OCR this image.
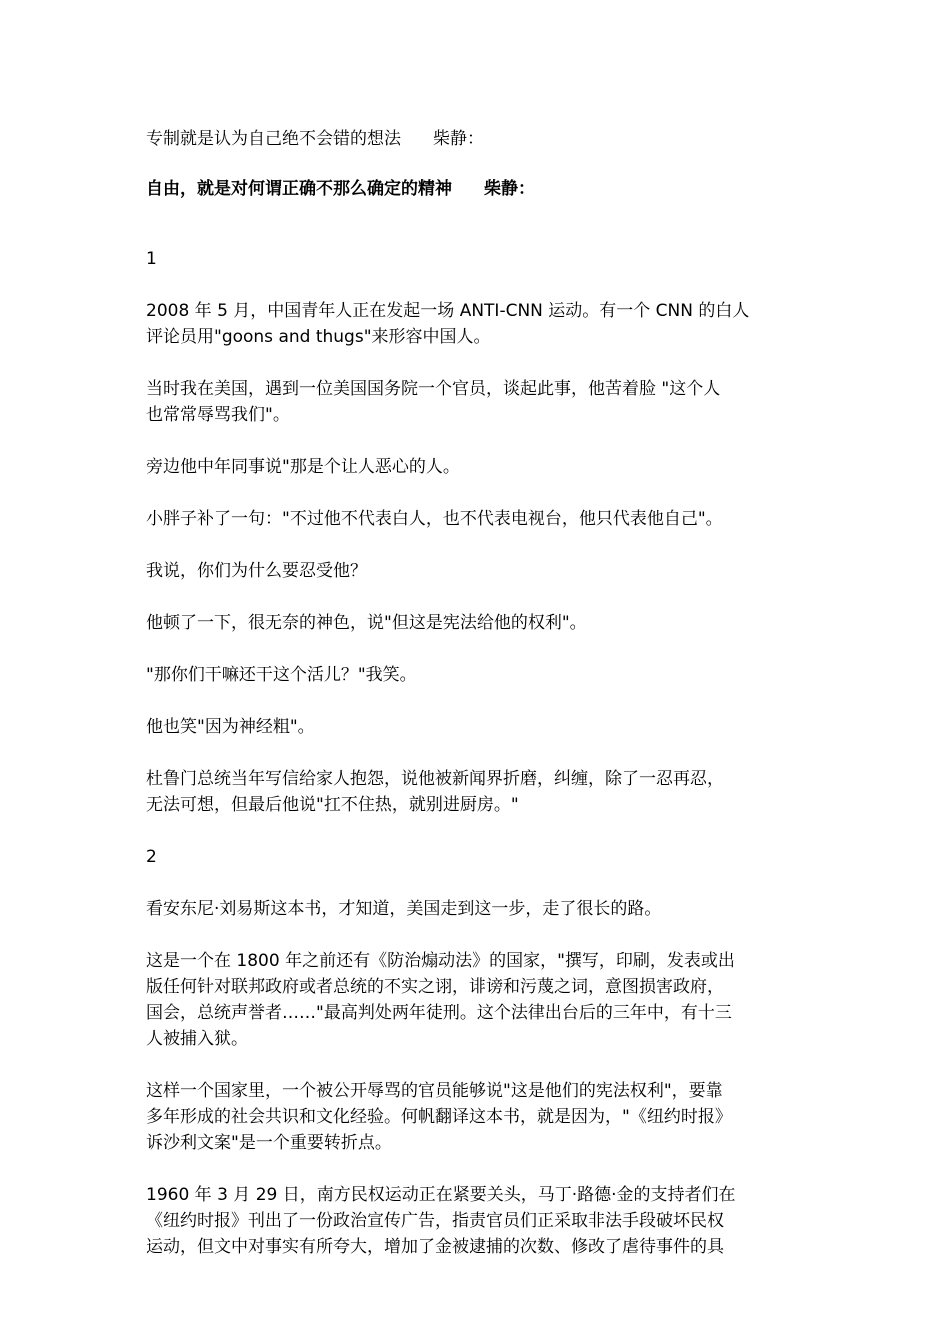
专制就是认为自己绝不会错的想法 柴静：

自由，就是对何谓正确不那么确定的精神 柴静：

1

2008 年 5 月，中国青年人正在发起一场 ANTI-CNN 运动。有一个 CNN 的白人
评论员用"goons and thugs"来形容中国人。
当时我在美国，遇到一位美国国务院一个官员，谈起此事，他苦着脸 "这个人
也常常辱骂我们"。
旁边他中年同事说"那是个让人恶心的人。
小胖子补了一句："不过他不代表白人，也不代表电视台，他只代表他自己"。
我说，你们为什么要忍受他？
他顿了一下，很无奈的神色，说"但这是宪法给他的权利"。
"那你们干嘛还干这个活儿？"我笑。
他也笑"因为神经粗"。
杜鲁门总统当年写信给家人抱怨，说他被新闻界折磨，纠缠，除了一忍再忍，
无法可想，但最后他说"扛不住热，就别进厨房。"

2

看安东尼·刘易斯这本书，才知道，美国走到这一步，走了很长的路。
这是一个在 1800 年之前还有《防治煽动法》的国家，"撰写，印刷，发表或出
版任何针对联邦政府或者总统的不实之诩，诽谤和污蔑之词，意图损害政府，
国会，总统声誉者……"最高判处两年徒刑。这个法律出台后的三年中，有十三
人被捕入狱。
这样一个国家里，一个被公开辱骂的官员能够说"这是他们的宪法权利"，要靠
多年形成的社会共识和文化经验。何帆翻译这本书，就是因为，"《纽约时报》
诉沙利文案"是一个重要转折点。
1960 年 3 月 29 日，南方民权运动正在紧要关头，马丁·路德·金的支持者们在
《纽约时报》刊出了一份政治宣传广告，指责官员们正采取非法手段破坏民权
运动，但文中对事实有所夸大，增加了金被逮捕的次数、修改了虐待事件的具
